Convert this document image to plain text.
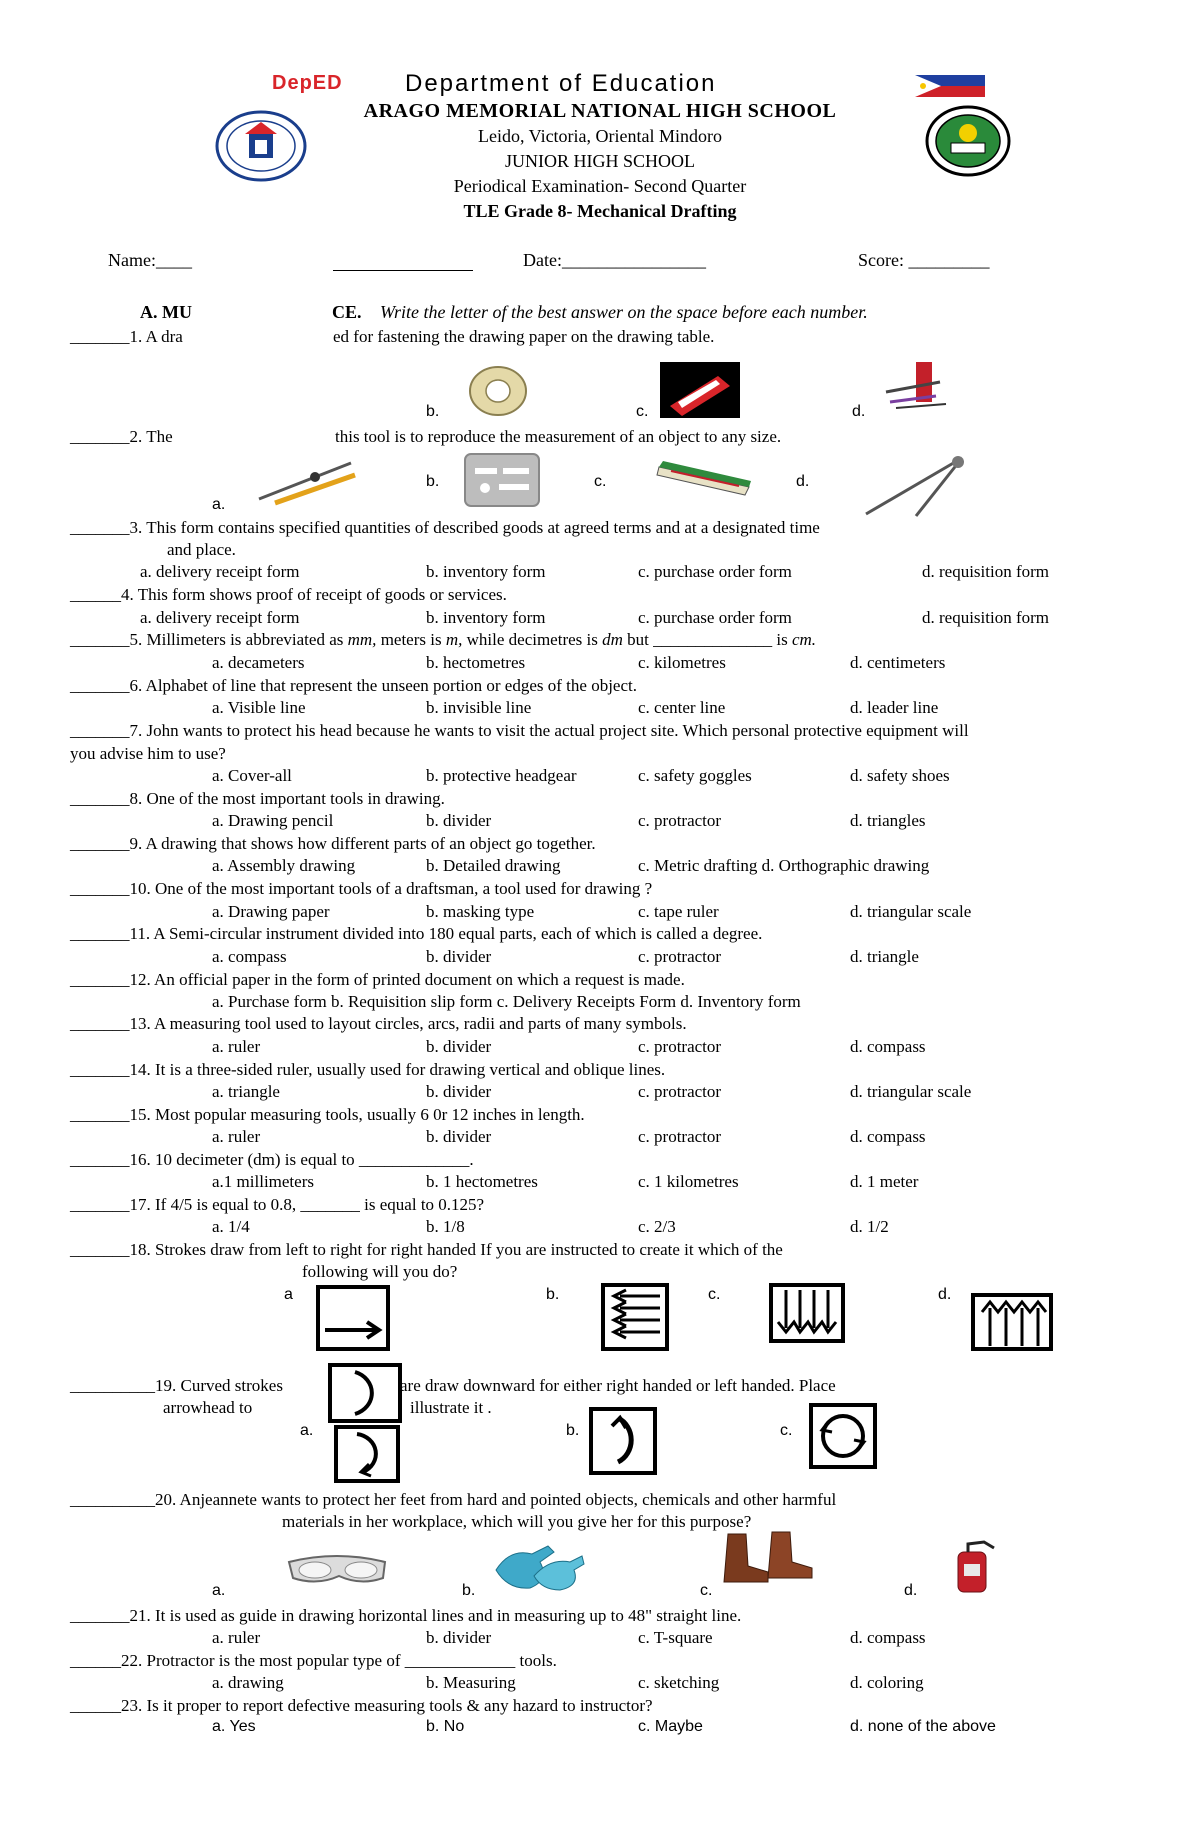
DepED	Department of Education
ARAGO MEMORIAL NATIONAL HIGH SCHOOL
Leido, Victoria, Oriental Mindoro
JUNIOR HIGH SCHOOL
Periodical Examination- Second Quarter
TLE Grade 8- Mechanical Drafting
Name:____	Date:________________	Score: _________
A. MU	CE. Write the letter of the best answer on the space before each number.
_______1. A dra	ed for fastening the drawing paper on the drawing table.
b.	c.	d.
_______2. The	this tool is to reproduce the measurement of an object to any size.
a.
b.	c.	d.
_______3. This form contains specified quantities of described goods at agreed terms and at a designated time
and place.
a. delivery receipt form	b. inventory form	c. purchase order form	d. requisition form
______4. This form shows proof of receipt of goods or services.
a. delivery receipt form	b. inventory form	c. purchase order form	d. requisition form
_______5. Millimeters is abbreviated as mm, meters is m, while decimetres is dm but ______________ is cm.
a. decameters	b. hectometres	c. kilometres	d. centimeters
_______6. Alphabet of line that represent the unseen portion or edges of the object.
a. Visible line	b. invisible line	c. center line	d. leader line
_______7. John wants to protect his head because he wants to visit the actual project site. Which personal protective equipment will
you advise him to use?
a. Cover-all	b. protective headgear	c. safety goggles	d. safety shoes
_______8. One of the most important tools in drawing.
a. Drawing pencil	b. divider	c. protractor	d. triangles
_______9. A drawing that shows how different parts of an object go together.
a. Assembly drawing	b. Detailed drawing	c. Metric drafting d. Orthographic drawing
_______10. One of the most important tools of a draftsman, a tool used for drawing ?
a. Drawing paper	b. masking type	c. tape ruler	d. triangular scale
_______11. A Semi-circular instrument divided into 180 equal parts, each of which is called a degree.
a. compass	b. divider	c. protractor	d. triangle
_______12. An official paper in the form of printed document on which a request is made.
a. Purchase form b. Requisition slip form c. Delivery Receipts Form d. Inventory form
_______13. A measuring tool used to layout circles, arcs, radii and parts of many symbols.
a. ruler	b. divider	c. protractor	d. compass
_______14. It is a three-sided ruler, usually used for drawing vertical and oblique lines.
a. triangle	b. divider	c. protractor	d. triangular scale
_______15. Most popular measuring tools, usually 6 0r 12 inches in length.
a. ruler	b. divider	c. protractor	d. compass
_______16. 10 decimeter (dm) is equal to _____________.
a.1 millimeters	b. 1 hectometres	c. 1 kilometres	d. 1 meter
_______17. If 4/5 is equal to 0.8, _______ is equal to 0.125?
a. 1/4	b. 1/8	c. 2/3	d. 1/2
_______18. Strokes draw from left to right for right handed If you are instructed to create it which of the
following will you do?
a	b.	c.	d.
__________19. Curved strokes	are draw downward for either right handed or left handed. Place
arrowhead to	illustrate it .
a.	b.	c.
__________20. Anjeannete wants to protect her feet from hard and pointed objects, chemicals and other harmful
materials in her workplace, which will you give her for this purpose?
a.	b.	c.	d.
_______21. It is used as guide in drawing horizontal lines and in measuring up to 48" straight line.
a. ruler	b. divider	c. T-square	d. compass
______22. Protractor is the most popular type of _____________ tools.
a. drawing	b. Measuring	c. sketching	d. coloring
______23. Is it proper to report defective measuring tools & any hazard to instructor?
a. Yes	b. No	c. Maybe	d. none of the above
